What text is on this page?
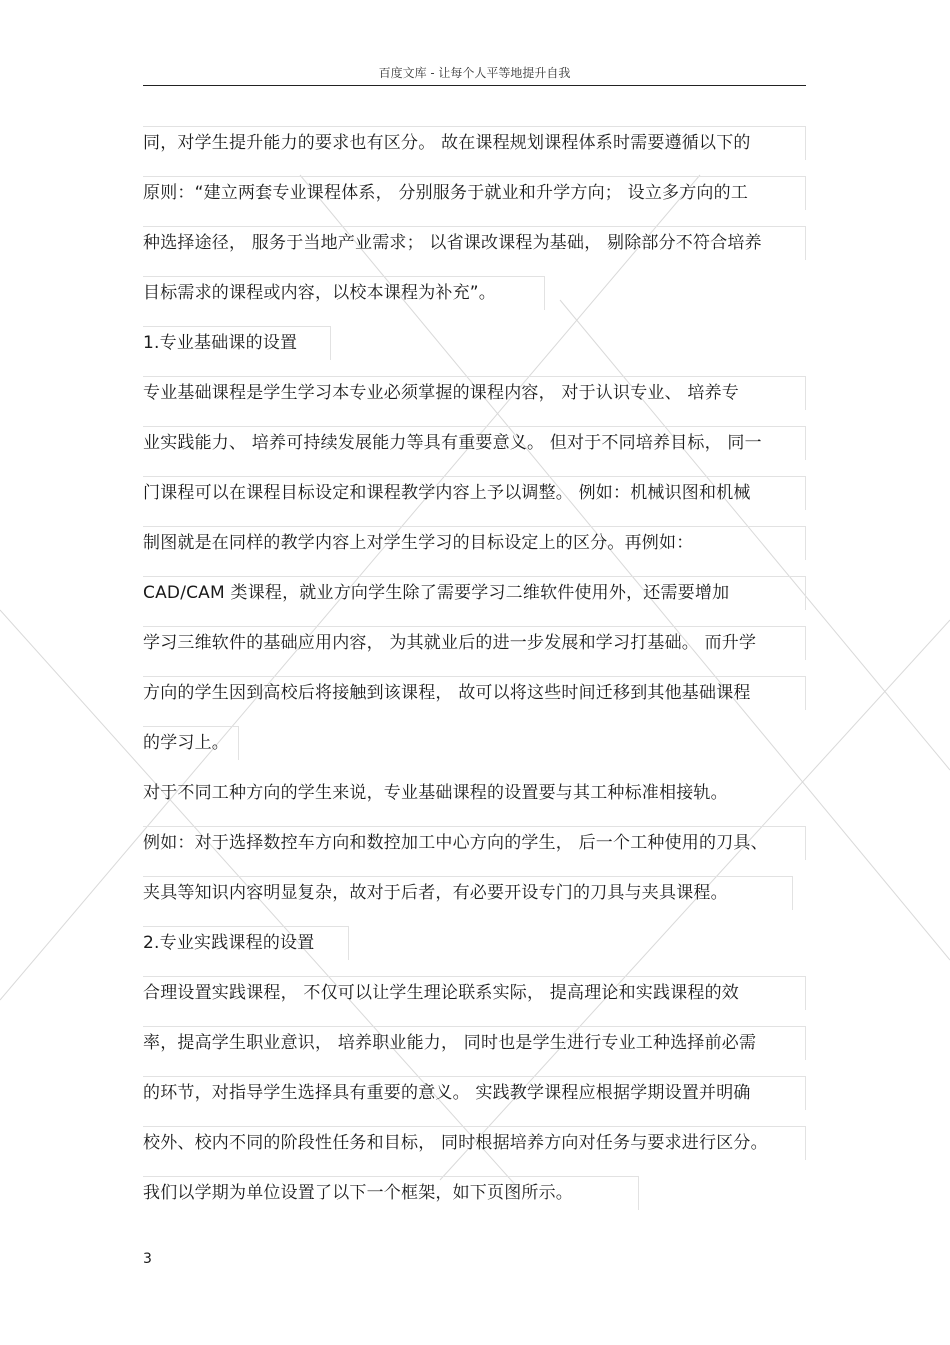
百度文库 - 让每个人平等地提升自我
同，对学生提升能力的要求也有区分。 故在课程规划课程体系时需要遵循以下的
原则：“建立两套专业课程体系， 分别服务于就业和升学方向； 设立多方向的工
种选择途径， 服务于当地产业需求； 以省课改课程为基础， 剔除部分不符合培养
目标需求的课程或内容，以校本课程为补充”。
1.专业基础课的设置
专业基础课程是学生学习本专业必须掌握的课程内容， 对于认识专业、 培养专
业实践能力、 培养可持续发展能力等具有重要意义。 但对于不同培养目标， 同一
门课程可以在课程目标设定和课程教学内容上予以调整。 例如：机械识图和机械
制图就是在同样的教学内容上对学生学习的目标设定上的区分。再例如：
CAD/CAM 类课程，就业方向学生除了需要学习二维软件使用外，还需要增加
学习三维软件的基础应用内容， 为其就业后的进一步发展和学习打基础。 而升学
方向的学生因到高校后将接触到该课程， 故可以将这些时间迁移到其他基础课程
的学习上。
对于不同工种方向的学生来说，专业基础课程的设置要与其工种标准相接轨。
例如：对于选择数控车方向和数控加工中心方向的学生， 后一个工种使用的刀具、
夹具等知识内容明显复杂，故对于后者，有必要开设专门的刀具与夹具课程。
2.专业实践课程的设置
合理设置实践课程， 不仅可以让学生理论联系实际， 提高理论和实践课程的效
率，提高学生职业意识， 培养职业能力， 同时也是学生进行专业工种选择前必需
的环节，对指导学生选择具有重要的意义。 实践教学课程应根据学期设置并明确
校外、校内不同的阶段性任务和目标， 同时根据培养方向对任务与要求进行区分。
我们以学期为单位设置了以下一个框架，如下页图所示。
3
